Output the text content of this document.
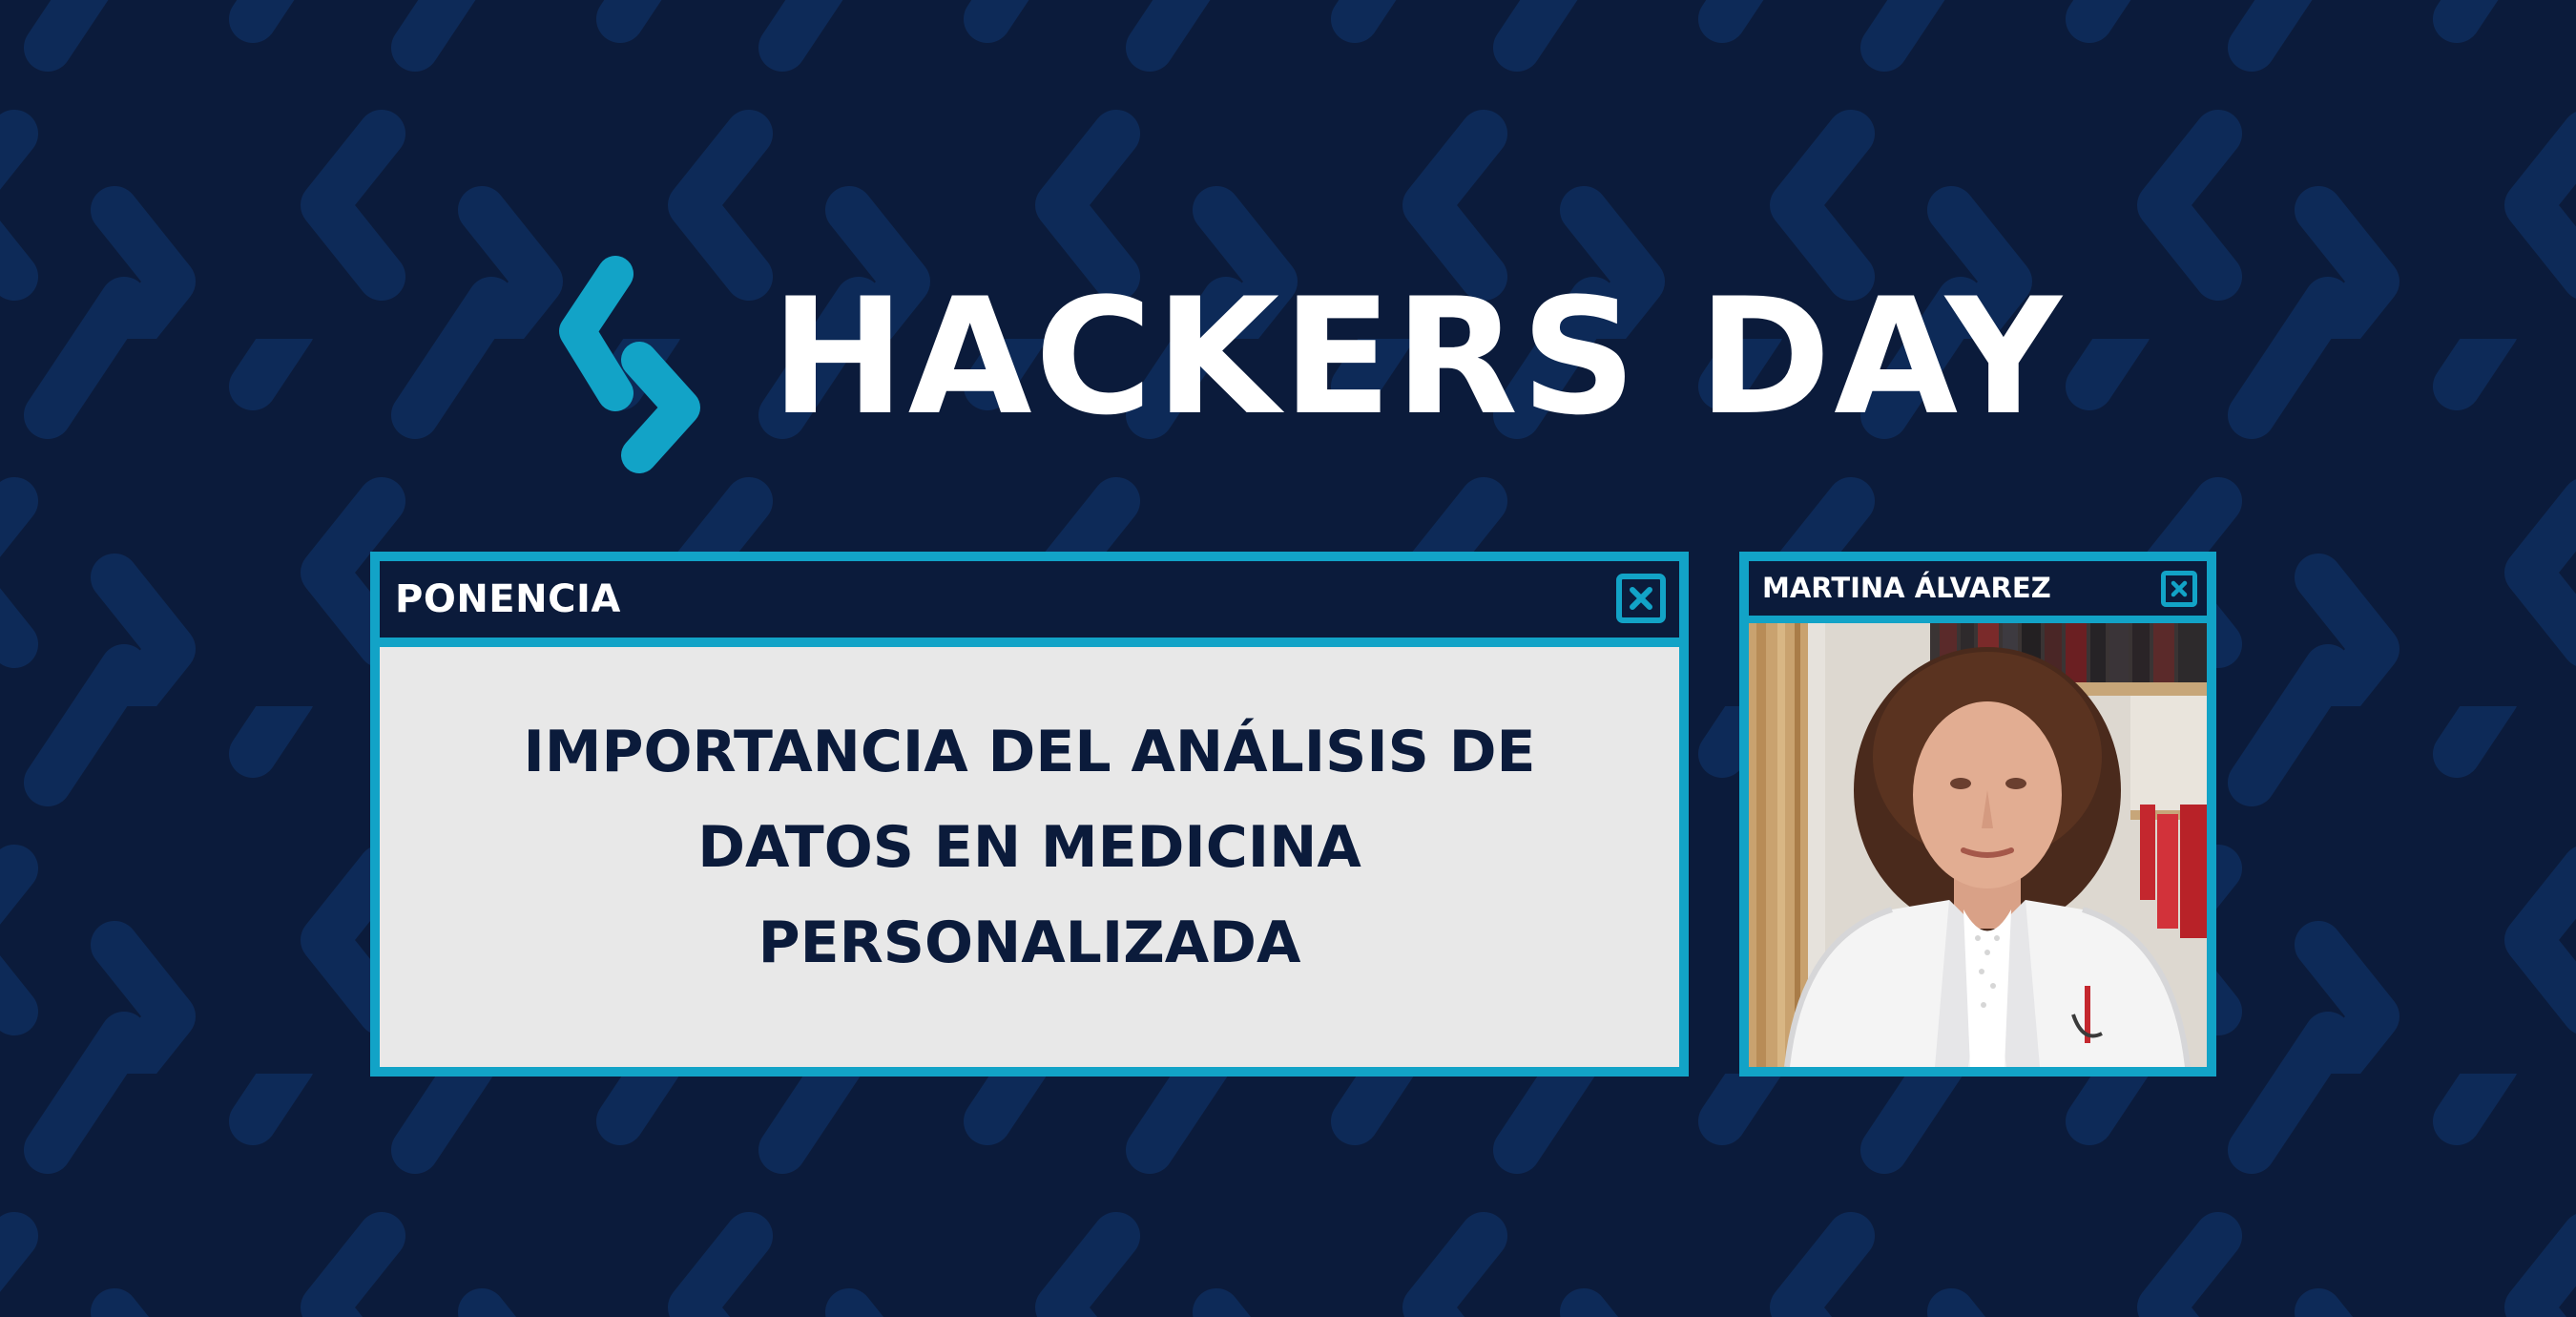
HACKERS DAY
PONENCIA

IMPORTANCIA DEL ANÁLISIS DE DATOS EN MEDICINA PERSONALIZADA

MARTINA ÁLVAREZ
